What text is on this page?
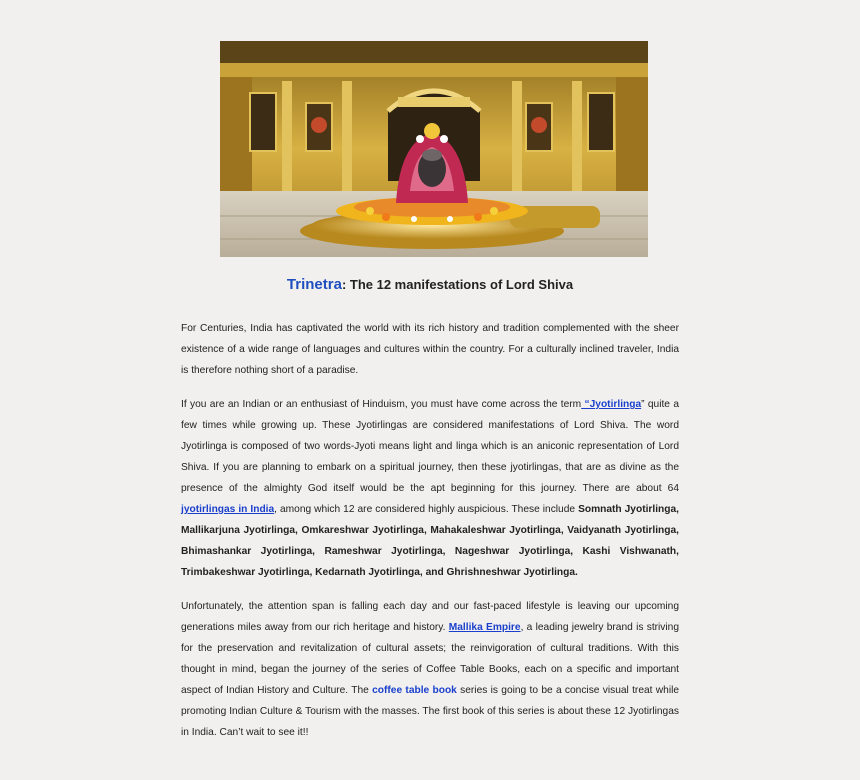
Trinetra: The 12 manifestations of Lord Shiva

For Centuries, India has captivated the world with its rich history and tradition complemented with the sheer existence of a wide range of languages and cultures within the country. For a culturally inclined traveler, India is therefore nothing short of a paradise.

If you are an Indian or an enthusiast of Hinduism, you must have come across the term “Jyotirlinga” quite a few times while growing up. These Jyotirlingas are considered manifestations of Lord Shiva. The word Jyotirlinga is composed of two words-Jyoti means light and linga which is an aniconic representation of Lord Shiva. If you are planning to embark on a spiritual journey, then these jyotirlingas, that are as divine as the presence of the almighty God itself would be the apt beginning for this journey. There are about 64 jyotirlingas in India, among which 12 are considered highly auspicious. These include Somnath Jyotirlinga, Mallikarjuna Jyotirlinga, Omkareshwar Jyotirlinga, Mahakaleshwar Jyotirlinga, Vaidyanath Jyotirlinga, Bhimashankar Jyotirlinga, Rameshwar Jyotirlinga, Nageshwar Jyotirlinga, Kashi Vishwanath, Trimbakeshwar Jyotirlinga, Kedarnath Jyotirlinga, and Ghrishneshwar Jyotirlinga.

Unfortunately, the attention span is falling each day and our fast-paced lifestyle is leaving our upcoming generations miles away from our rich heritage and history. Mallika Empire, a leading jewelry brand is striving for the preservation and revitalization of cultural assets; the reinvigoration of cultural traditions. With this thought in mind, began the journey of the series of Coffee Table Books, each on a specific and important aspect of Indian History and Culture. The coffee table book series is going to be a concise visual treat while promoting Indian Culture & Tourism with the masses. The first book of this series is about these 12 Jyotirlingas in India. Can’t wait to see it!!
